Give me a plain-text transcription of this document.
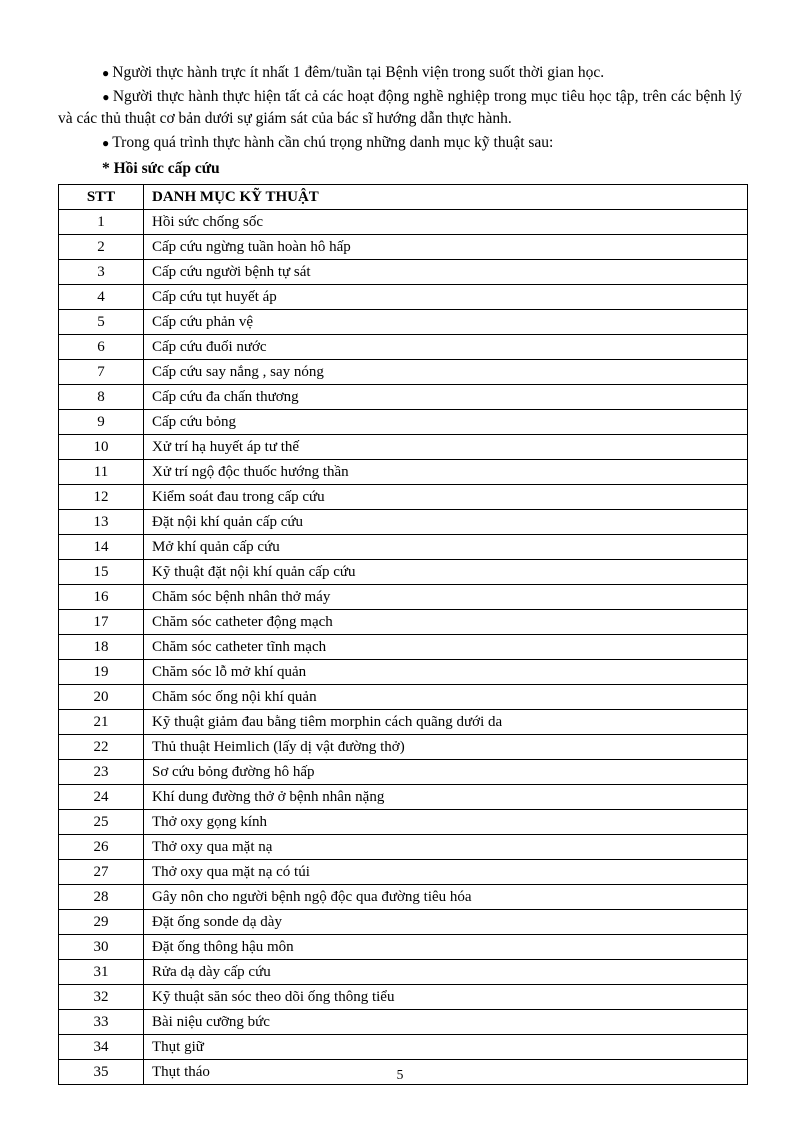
● Người thực hành trực ít nhất 1 đêm/tuần tại Bệnh viện trong suốt thời gian học.

● Người thực hành thực hiện tất cả các hoạt động nghề nghiệp trong mục tiêu học tập, trên các bệnh lý và các thủ thuật cơ bản dưới sự giám sát của bác sĩ hướng dẫn thực hành.

● Trong quá trình thực hành cần chú trọng những danh mục kỹ thuật sau:

* Hồi sức cấp cứu
STT	DANH MỤC KỸ THUẬT
1	Hồi sức chống sốc
2	Cấp cứu ngừng tuần hoàn hô hấp
3	Cấp cứu người bệnh tự sát
4	Cấp cứu tụt huyết áp
5	Cấp cứu phản vệ
6	Cấp cứu đuối nước
7	Cấp cứu say nắng , say nóng
8	Cấp cứu đa chấn thương
9	Cấp cứu bỏng
10	Xử trí hạ huyết áp tư thế
11	Xử trí ngộ độc thuốc hướng thần
12	Kiểm soát đau trong cấp cứu
13	Đặt nội khí quản cấp cứu
14	Mở khí quản cấp cứu
15	Kỹ thuật đặt nội khí quản cấp cứu
16	Chăm sóc bệnh nhân thở máy
17	Chăm sóc catheter động mạch
18	Chăm sóc catheter tĩnh mạch
19	Chăm sóc lỗ mở khí quản
20	Chăm sóc ống nội khí quản
21	Kỹ thuật giảm đau bằng tiêm morphin cách quãng dưới da
22	Thủ thuật Heimlich (lấy dị vật đường thở)
23	Sơ cứu bỏng đường hô hấp
24	Khí dung đường thở ở bệnh nhân nặng
25	Thở oxy gọng kính
26	Thở oxy qua mặt nạ
27	Thở oxy qua mặt nạ có túi
28	Gây nôn cho người bệnh ngộ độc qua đường tiêu hóa
29	Đặt ống sonde dạ dày
30	Đặt ống thông hậu môn
31	Rửa dạ dày cấp cứu
32	Kỹ thuật săn sóc theo dõi ống thông tiểu
33	Bài niệu cưỡng bức
34	Thụt giữ
35	Thụt tháo	5
